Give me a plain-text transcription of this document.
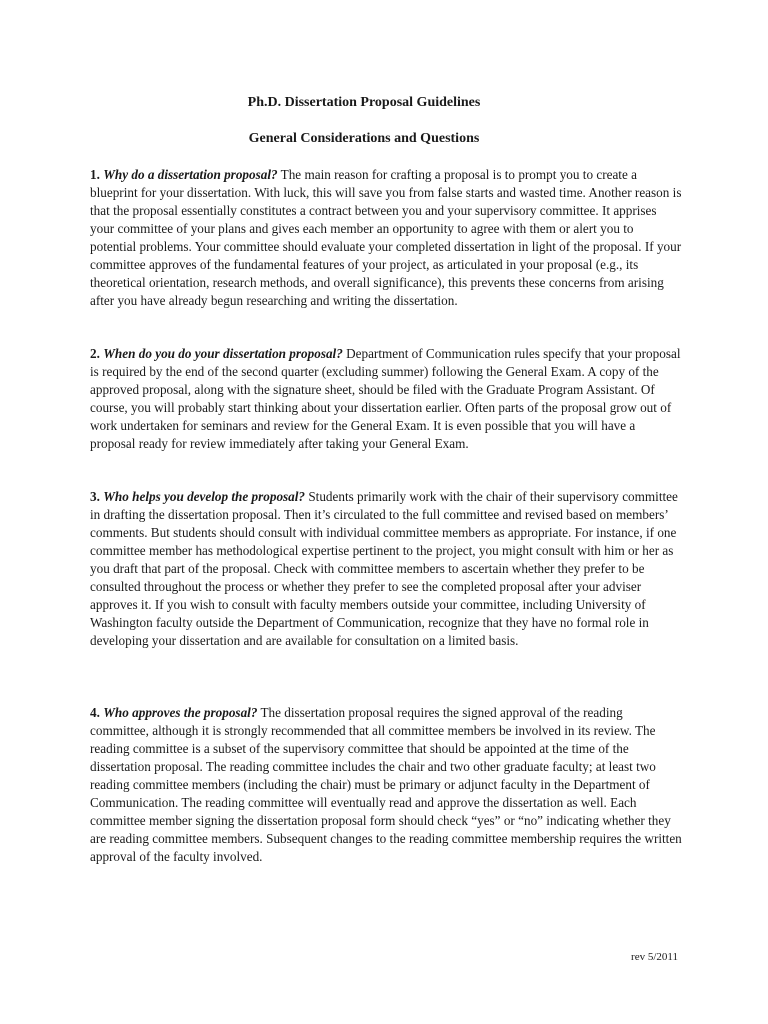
Ph.D. Dissertation Proposal Guidelines
General Considerations and Questions

1. Why do a dissertation proposal? The main reason for crafting a proposal is to prompt you to create a blueprint for your dissertation. With luck, this will save you from false starts and wasted time. Another reason is that the proposal essentially constitutes a contract between you and your supervisory committee. It apprises your committee of your plans and gives each member an opportunity to agree with them or alert you to potential problems. Your committee should evaluate your completed dissertation in light of the proposal. If your committee approves of the fundamental features of your project, as articulated in your proposal (e.g., its theoretical orientation, research methods, and overall significance), this prevents these concerns from arising after you have already begun researching and writing the dissertation.

2. When do you do your dissertation proposal? Department of Communication rules specify that your proposal is required by the end of the second quarter (excluding summer) following the General Exam. A copy of the approved proposal, along with the signature sheet, should be filed with the Graduate Program Assistant. Of course, you will probably start thinking about your dissertation earlier. Often parts of the proposal grow out of work undertaken for seminars and review for the General Exam. It is even possible that you will have a proposal ready for review immediately after taking your General Exam.

3. Who helps you develop the proposal? Students primarily work with the chair of their supervisory committee in drafting the dissertation proposal. Then it’s circulated to the full committee and revised based on members’ comments. But students should consult with individual committee members as appropriate. For instance, if one committee member has methodological expertise pertinent to the project, you might consult with him or her as you draft that part of the proposal. Check with committee members to ascertain whether they prefer to be consulted throughout the process or whether they prefer to see the completed proposal after your adviser approves it. If you wish to consult with faculty members outside your committee, including University of Washington faculty outside the Department of Communication, recognize that they have no formal role in developing your dissertation and are available for consultation on a limited basis.

4. Who approves the proposal? The dissertation proposal requires the signed approval of the reading committee, although it is strongly recommended that all committee members be involved in its review. The reading committee is a subset of the supervisory committee that should be appointed at the time of the dissertation proposal. The reading committee includes the chair and two other graduate faculty; at least two reading committee members (including the chair) must be primary or adjunct faculty in the Department of Communication. The reading committee will eventually read and approve the dissertation as well. Each committee member signing the dissertation proposal form should check “yes” or “no” indicating whether they are reading committee members. Subsequent changes to the reading committee membership requires the written approval of the faculty involved.

rev 5/2011
